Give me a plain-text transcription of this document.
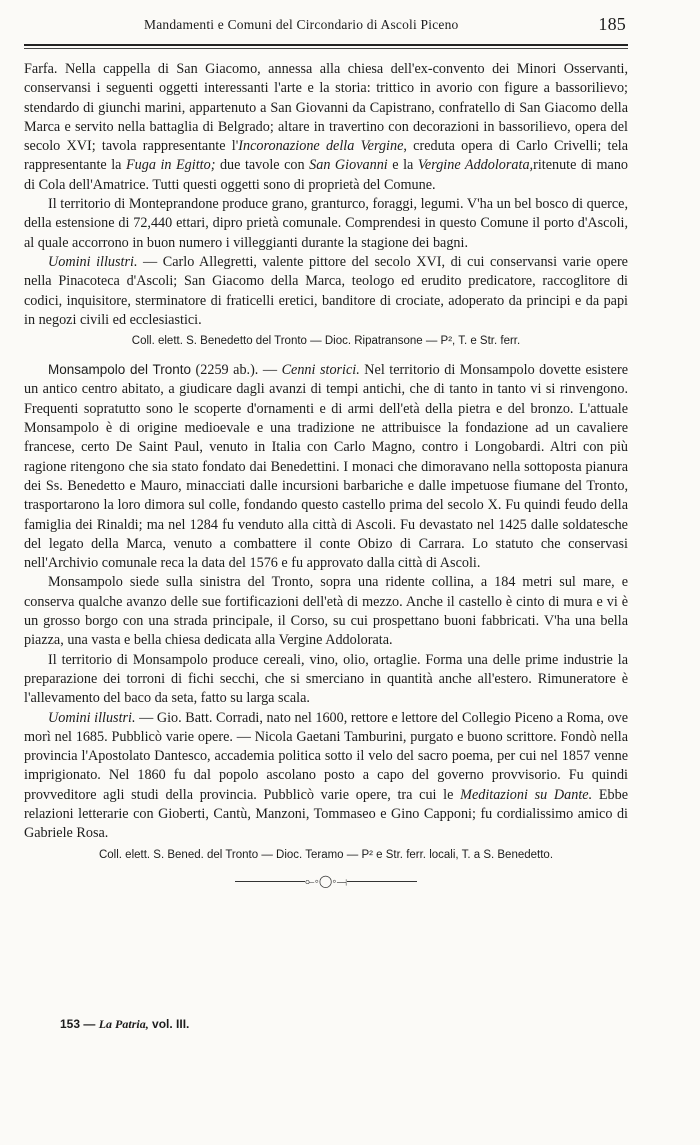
Mandamenti e Comuni del Circondario di Ascoli Piceno	185

Farfa. Nella cappella di San Giacomo, annessa alla chiesa dell'ex-convento dei Minori Osservanti, conservansi i seguenti oggetti interessanti l'arte e la storia: trittico in avorio con figure a bassorilievo; stendardo di giunchi marini, appartenuto a San Giovanni da Capistrano, confratello di San Giacomo della Marca e servito nella battaglia di Belgrado; altare in travertino con decorazioni in bassorilievo, opera del secolo XVI; tavola rappresentante l'Incoronazione della Vergine, creduta opera di Carlo Crivelli; tela rappresentante la Fuga in Egitto; due tavole con San Giovanni e la Vergine Addolorata,ritenute di mano di Cola dell'Amatrice. Tutti questi oggetti sono di proprietà del Comune.

Il territorio di Monteprandone produce grano, granturco, foraggi, legumi. V'ha un bel bosco di querce, della estensione di 72,440 ettari, dipro prietà comunale. Comprendesi in questo Comune il porto d'Ascoli, al quale accorrono in buon numero i villeggianti durante la stagione dei bagni.

Uomini illustri. — Carlo Allegretti, valente pittore del secolo XVI, di cui conservansi varie opere nella Pinacoteca d'Ascoli; San Giacomo della Marca, teologo ed erudito predicatore, raccoglitore di codici, inquisitore, sterminatore di fraticelli eretici, banditore di crociate, adoperato da principi e da papi in negozi civili ed ecclesiastici.

Coll. elett. S. Benedetto del Tronto — Dioc. Ripatransone — P², T. e Str. ferr.

Monsampolo del Tronto (2259 ab.). — Cenni storici. Nel territorio di Monsampolo dovette esistere un antico centro abitato, a giudicare dagli avanzi di tempi antichi, che di tanto in tanto vi si rinvengono. Frequenti sopratutto sono le scoperte d'ornamenti e di armi dell'età della pietra e del bronzo. L'attuale Monsampolo è di origine medioevale e una tradizione ne attribuisce la fondazione ad un cavaliere francese, certo De Saint Paul, venuto in Italia con Carlo Magno, contro i Longobardi. Altri con più ragione ritengono che sia stato fondato dai Benedettini. I monaci che dimoravano nella sottoposta pianura dei Ss. Benedetto e Mauro, minacciati dalle incursioni barbariche e dalle impetuose fiumane del Tronto, trasportarono la loro dimora sul colle, fondando questo castello prima del secolo X. Fu quindi feudo della famiglia dei Rinaldi; ma nel 1284 fu venduto alla città di Ascoli. Fu devastato nel 1425 dalle soldatesche del legato della Marca, venuto a combattere il conte Obizo di Carrara. Lo statuto che conservasi nell'Archivio comunale reca la data del 1576 e fu approvato dalla città di Ascoli.

Monsampolo siede sulla sinistra del Tronto, sopra una ridente collina, a 184 metri sul mare, e conserva qualche avanzo delle sue fortificazioni dell'età di mezzo. Anche il castello è cinto di mura e vi è un grosso borgo con una strada principale, il Corso, su cui prospettano buoni fabbricati. V'ha una bella piazza, una vasta e bella chiesa dedicata alla Vergine Addolorata.

Il territorio di Monsampolo produce cereali, vino, olio, ortaglie. Forma una delle prime industrie la preparazione dei torroni di fichi secchi, che si smerciano in quantità anche all'estero. Rimuneratore è l'allevamento del baco da seta, fatto su larga scala.

Uomini illustri. — Gio. Batt. Corradi, nato nel 1600, rettore e lettore del Collegio Piceno a Roma, ove morì nel 1685. Pubblicò varie opere. — Nicola Gaetani Tamburini, purgato e buono scrittore. Fondò nella provincia l'Apostolato Dantesco, accademia politica sotto il velo del sacro poema, per cui nel 1857 venne imprigionato. Nel 1860 fu dal popolo ascolano posto a capo del governo provvisorio. Fu quindi provveditore agli studi della provincia. Pubblicò varie opere, tra cui le Meditazioni su Dante. Ebbe relazioni letterarie con Gioberti, Cantù, Manzoni, Tommaseo e Gino Capponi; fu cordialissimo amico di Gabriele Rosa.

Coll. elett. S. Bened. del Tronto — Dioc. Teramo — P² e Str. ferr. locali, T. a S. Benedetto.
⟜◦◯◦⟞
153 — La Patria, vol. III.
